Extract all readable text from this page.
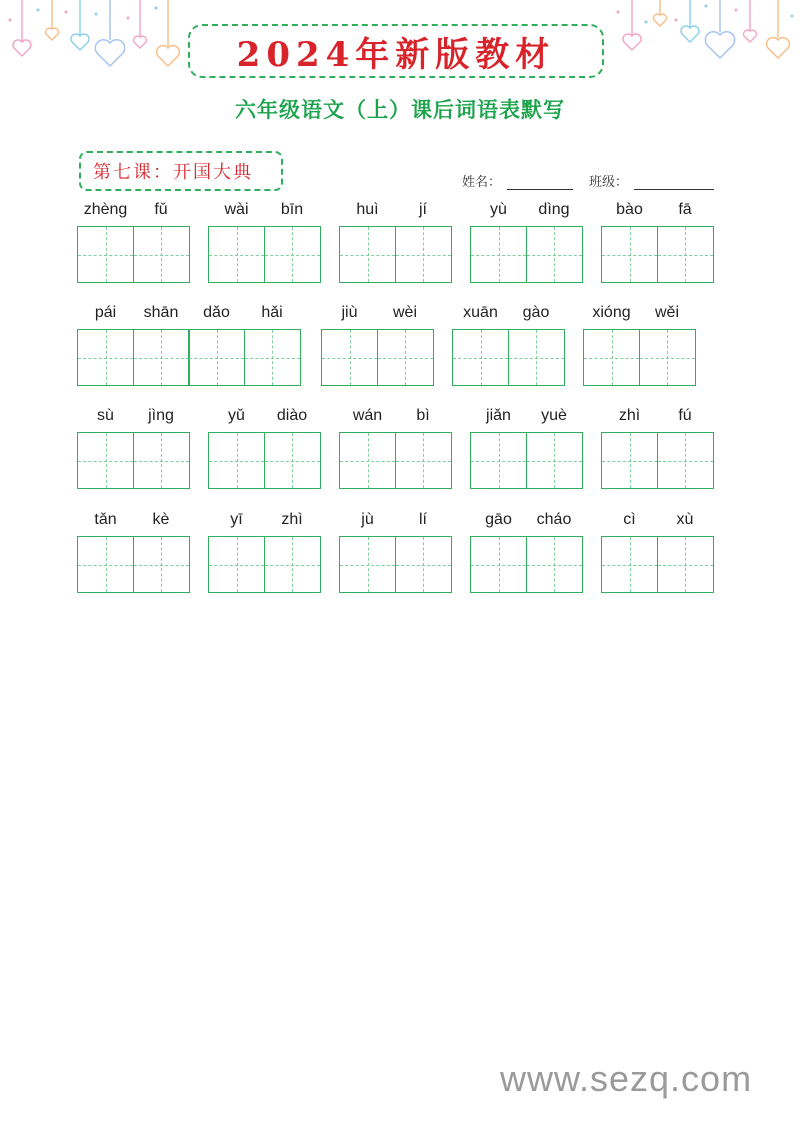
2024年新版教材
六年级语文（上）课后词语表默写
第七课：开国大典	姓名：	班级：
zhèng	fǔ	wài	bīn	huì	jí	yù	dìng	bào	fā
pái	shān	dǎo	hǎi	jiù	wèi	xuān	gào	xióng	wěi
sù	jìng	yǔ	diào	wán	bì	jiǎn	yuè	zhì	fú
tǎn	kè	yī	zhì	jù	lí	gāo	cháo	cì	xù
www.sezq.com
